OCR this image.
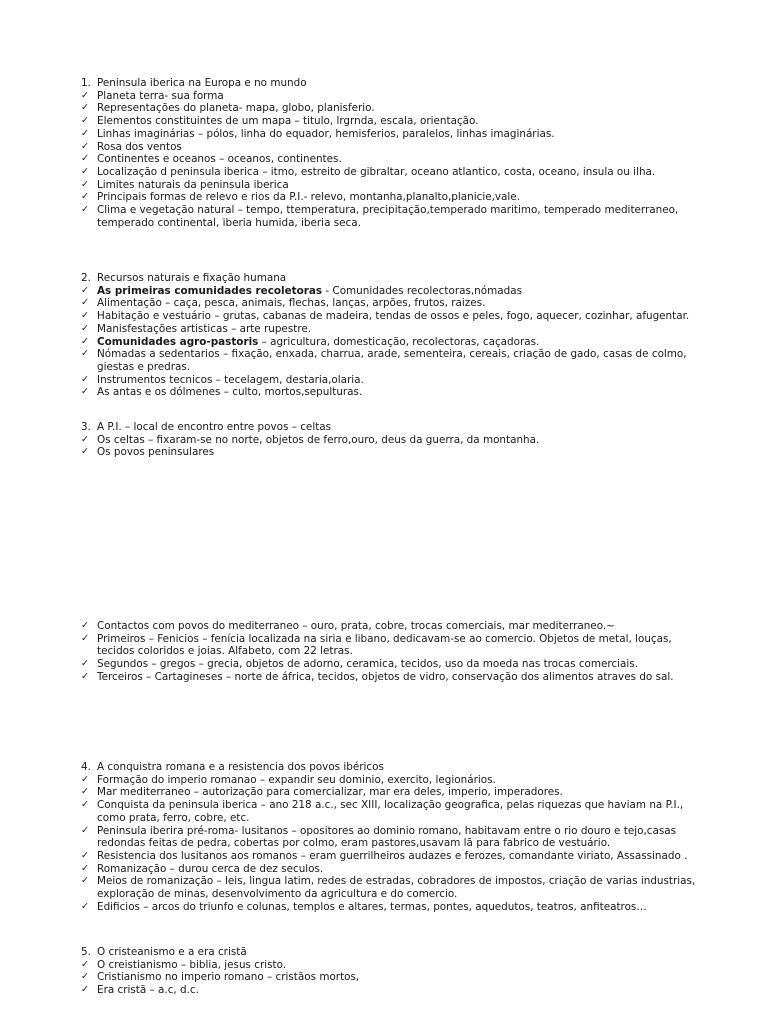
1. Peninsula iberica na Europa e no mundo
✓ Planeta terra- sua forma
✓ Representações do planeta- mapa, globo, planisferio.
✓ Elementos constituintes de um mapa – titulo, lrgrnda, escala, orientação.
✓ Linhas imaginárias – pólos, linha do equador, hemisferios, paralelos, linhas imaginárias.
✓ Rosa dos ventos
✓ Continentes e oceanos – oceanos, continentes.
✓ Localização d peninsula iberica – itmo, estreito de gibraltar, oceano atlantico, costa, oceano, insula ou ilha.
✓ Limites naturais da peninsula iberica
✓ Principais formas de relevo e rios da P.I.- relevo, montanha,planalto,planicie,vale.
✓ Clima e vegetação natural – tempo, ttemperatura, precipitação,temperado maritimo, temperado mediterraneo, temperado continental, iberia humida, iberia seca.
2. Recursos naturais e fixação humana
✓ As primeiras comunidades recoletoras - Comunidades recolectoras,nómadas
✓ Alimentação – caça, pesca, animais, flechas, lanças, arpões, frutos, raizes.
✓ Habitação e vestuário – grutas, cabanas de madeira, tendas de ossos e peles, fogo, aquecer, cozinhar, afugentar.
✓ Manisfestações artisticas – arte rupestre.
✓ Comunidades agro-pastoris – agricultura, domesticação, recolectoras, caçadoras.
✓ Nómadas a sedentarios – fixação, enxada, charrua, arade, sementeira, cereais, criação de gado, casas de colmo, giestas e predras.
✓ Instrumentos tecnicos – tecelagem, destaria,olaria.
✓ As antas e os dólmenes – culto, mortos,sepulturas.
3. A P.I. – local de encontro entre povos – celtas
✓ Os celtas – fixaram-se no norte, objetos de ferro,ouro, deus da guerra, da montanha.
✓ Os povos peninsulares
✓ Contactos com povos do mediterraneo – ouro, prata, cobre, trocas comerciais, mar mediterraneo.~
✓ Primeiros – Fenicios – fenícia localizada na siria e libano, dedicavam-se ao comercio. Objetos de metal, louças, tecidos coloridos e joias. Alfabeto, com 22 letras.
✓ Segundos – gregos – grecia, objetos de adorno, ceramica, tecidos, uso da moeda nas trocas comerciais.
✓ Terceiros – Cartagineses – norte de áfrica, tecidos, objetos de vidro, conservação dos alimentos atraves do sal.
4. A conquistra romana e a resistencia dos povos ibéricos
✓ Formação do imperio romanao – expandir seu dominio, exercito, legionários.
✓ Mar mediterraneo – autorização para comercializar, mar era deles, imperio, imperadores.
✓ Conquista da peninsula iberica – ano 218 a.c., sec XIII, localização geografica, pelas riquezas que haviam na P.I., como prata, ferro, cobre, etc.
✓ Peninsula iberira pré-roma- lusitanos – opositores ao dominio romano, habitavam entre o rio douro e tejo,casas redondas feitas de pedra, cobertas por colmo, eram pastores,usavam lã para fabrico de vestuário.
✓ Resistencia dos lusitanos aos romanos – eram guerrilheiros audazes e ferozes, comandante viriato, Assassinado .
✓ Romanização – durou cerca de dez seculos.
✓ Meios de romanização – leis, lingua latim, redes de estradas, cobradores de impostos, criação de varias industrias, exploração de minas, desenvolvimento da agricultura e do comercio.
✓ Edificios – arcos do triunfo e colunas, templos e altares, termas, pontes, aquedutos, teatros, anfiteatros…
5. O cristeanismo e a era cristã
✓ O creistianismo – biblia, jesus cristo.
✓ Cristianismo no imperio romano – cristãos mortos,
✓ Era cristã – a.c, d.c.
